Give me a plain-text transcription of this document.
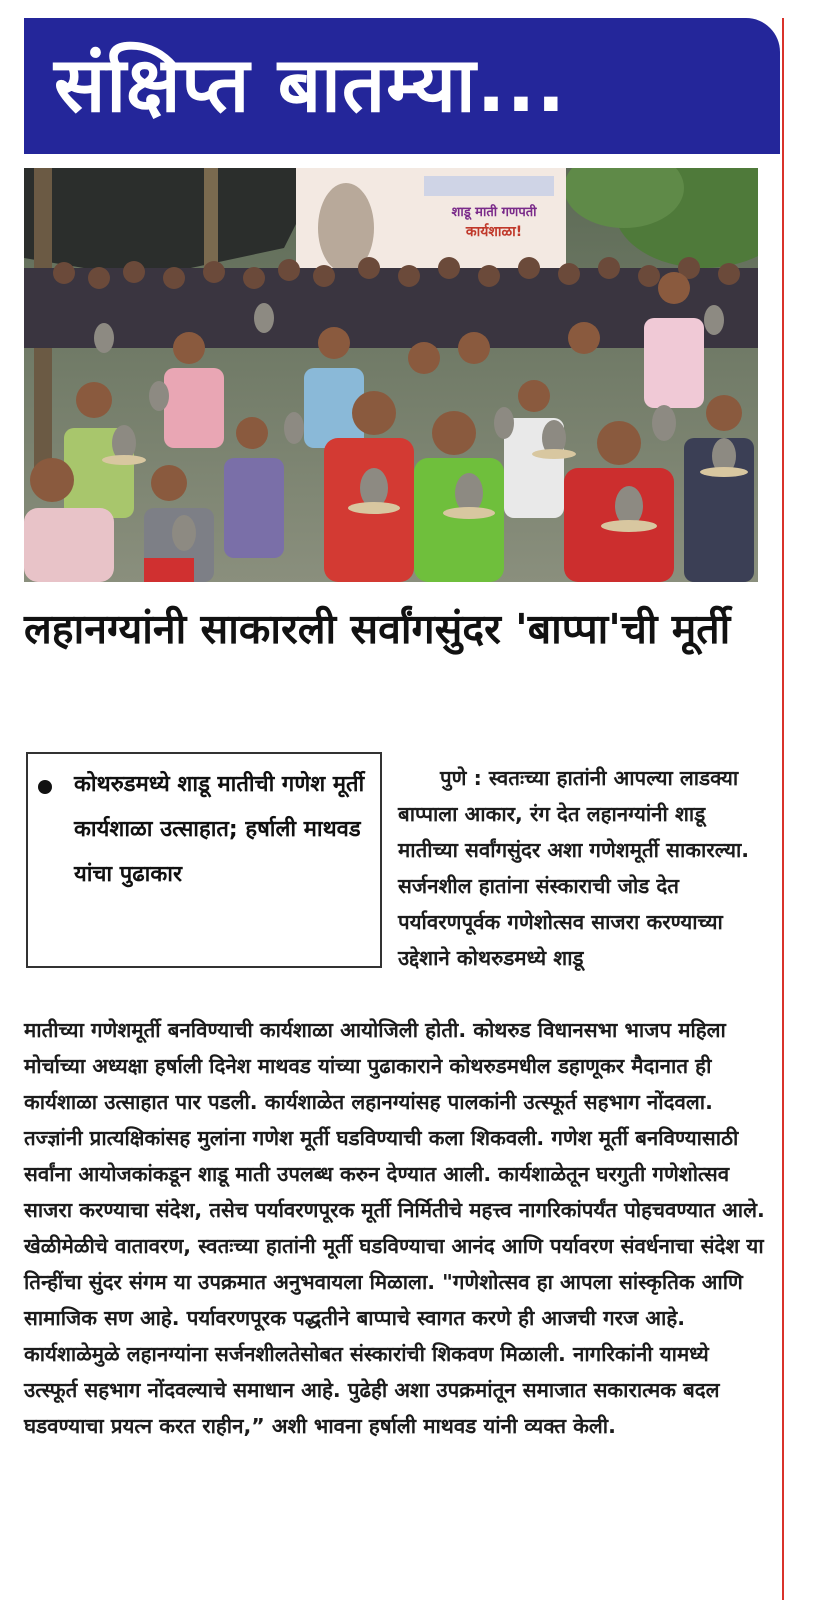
संक्षिप्त बातम्या...
शाडू माती गणपती
कार्यशाळा!
लहानग्यांनी साकारली सर्वांगसुंदर 'बाप्पा'ची मूर्ती

कोथरुडमध्ये शाडू मातीची गणेश मूर्ती कार्यशाळा उत्साहात; हर्षाली माथवड यांचा पुढाकार

पुणे : स्वतःच्या हातांनी आपल्या लाडक्या बाप्पाला आकार, रंग देत लहानग्यांनी शाडू मातीच्या सर्वांगसुंदर अशा गणेशमूर्ती साकारल्या. सर्जनशील हातांना संस्काराची जोड देत पर्यावरणपूर्वक गणेशोत्सव साजरा करण्याच्या उद्देशाने कोथरुडमध्ये शाडू

मातीच्या गणेशमूर्ती बनविण्याची कार्यशाळा आयोजिली होती. कोथरुड विधानसभा भाजप महिला मोर्चाच्या अध्यक्षा हर्षाली दिनेश माथवड यांच्या पुढाकाराने कोथरुडमधील डहाणूकर मैदानात ही कार्यशाळा उत्साहात पार पडली. कार्यशाळेत लहानग्यांसह पालकांनी उत्स्फूर्त सहभाग नोंदवला. तज्ज्ञांनी प्रात्यक्षिकांसह मुलांना गणेश मूर्ती घडविण्याची कला शिकवली. गणेश मूर्ती बनविण्यासाठी सर्वांना आयोजकांकडून शाडू माती उपलब्ध करुन देण्यात आली. कार्यशाळेतून घरगुती गणेशोत्सव साजरा करण्याचा संदेश, तसेच पर्यावरणपूरक मूर्ती निर्मितीचे महत्त्व नागरिकांपर्यंत पोहचवण्यात आले. खेळीमेळीचे वातावरण, स्वतःच्या हातांनी मूर्ती घडविण्याचा आनंद आणि पर्यावरण संवर्धनाचा संदेश या तिन्हींचा सुंदर संगम या उपक्रमात अनुभवायला मिळाला. "गणेशोत्सव हा आपला सांस्कृतिक आणि सामाजिक सण आहे. पर्यावरणपूरक पद्धतीने बाप्पाचे स्वागत करणे ही आजची गरज आहे. कार्यशाळेमुळे लहानग्यांना सर्जनशीलतेसोबत संस्कारांची शिकवण मिळाली. नागरिकांनी यामध्ये उत्स्फूर्त सहभाग नोंदवल्याचे समाधान आहे. पुढेही अशा उपक्रमांतून समाजात सकारात्मक बदल घडवण्याचा प्रयत्न करत राहीन,” अशी भावना हर्षाली माथवड यांनी व्यक्त केली.
